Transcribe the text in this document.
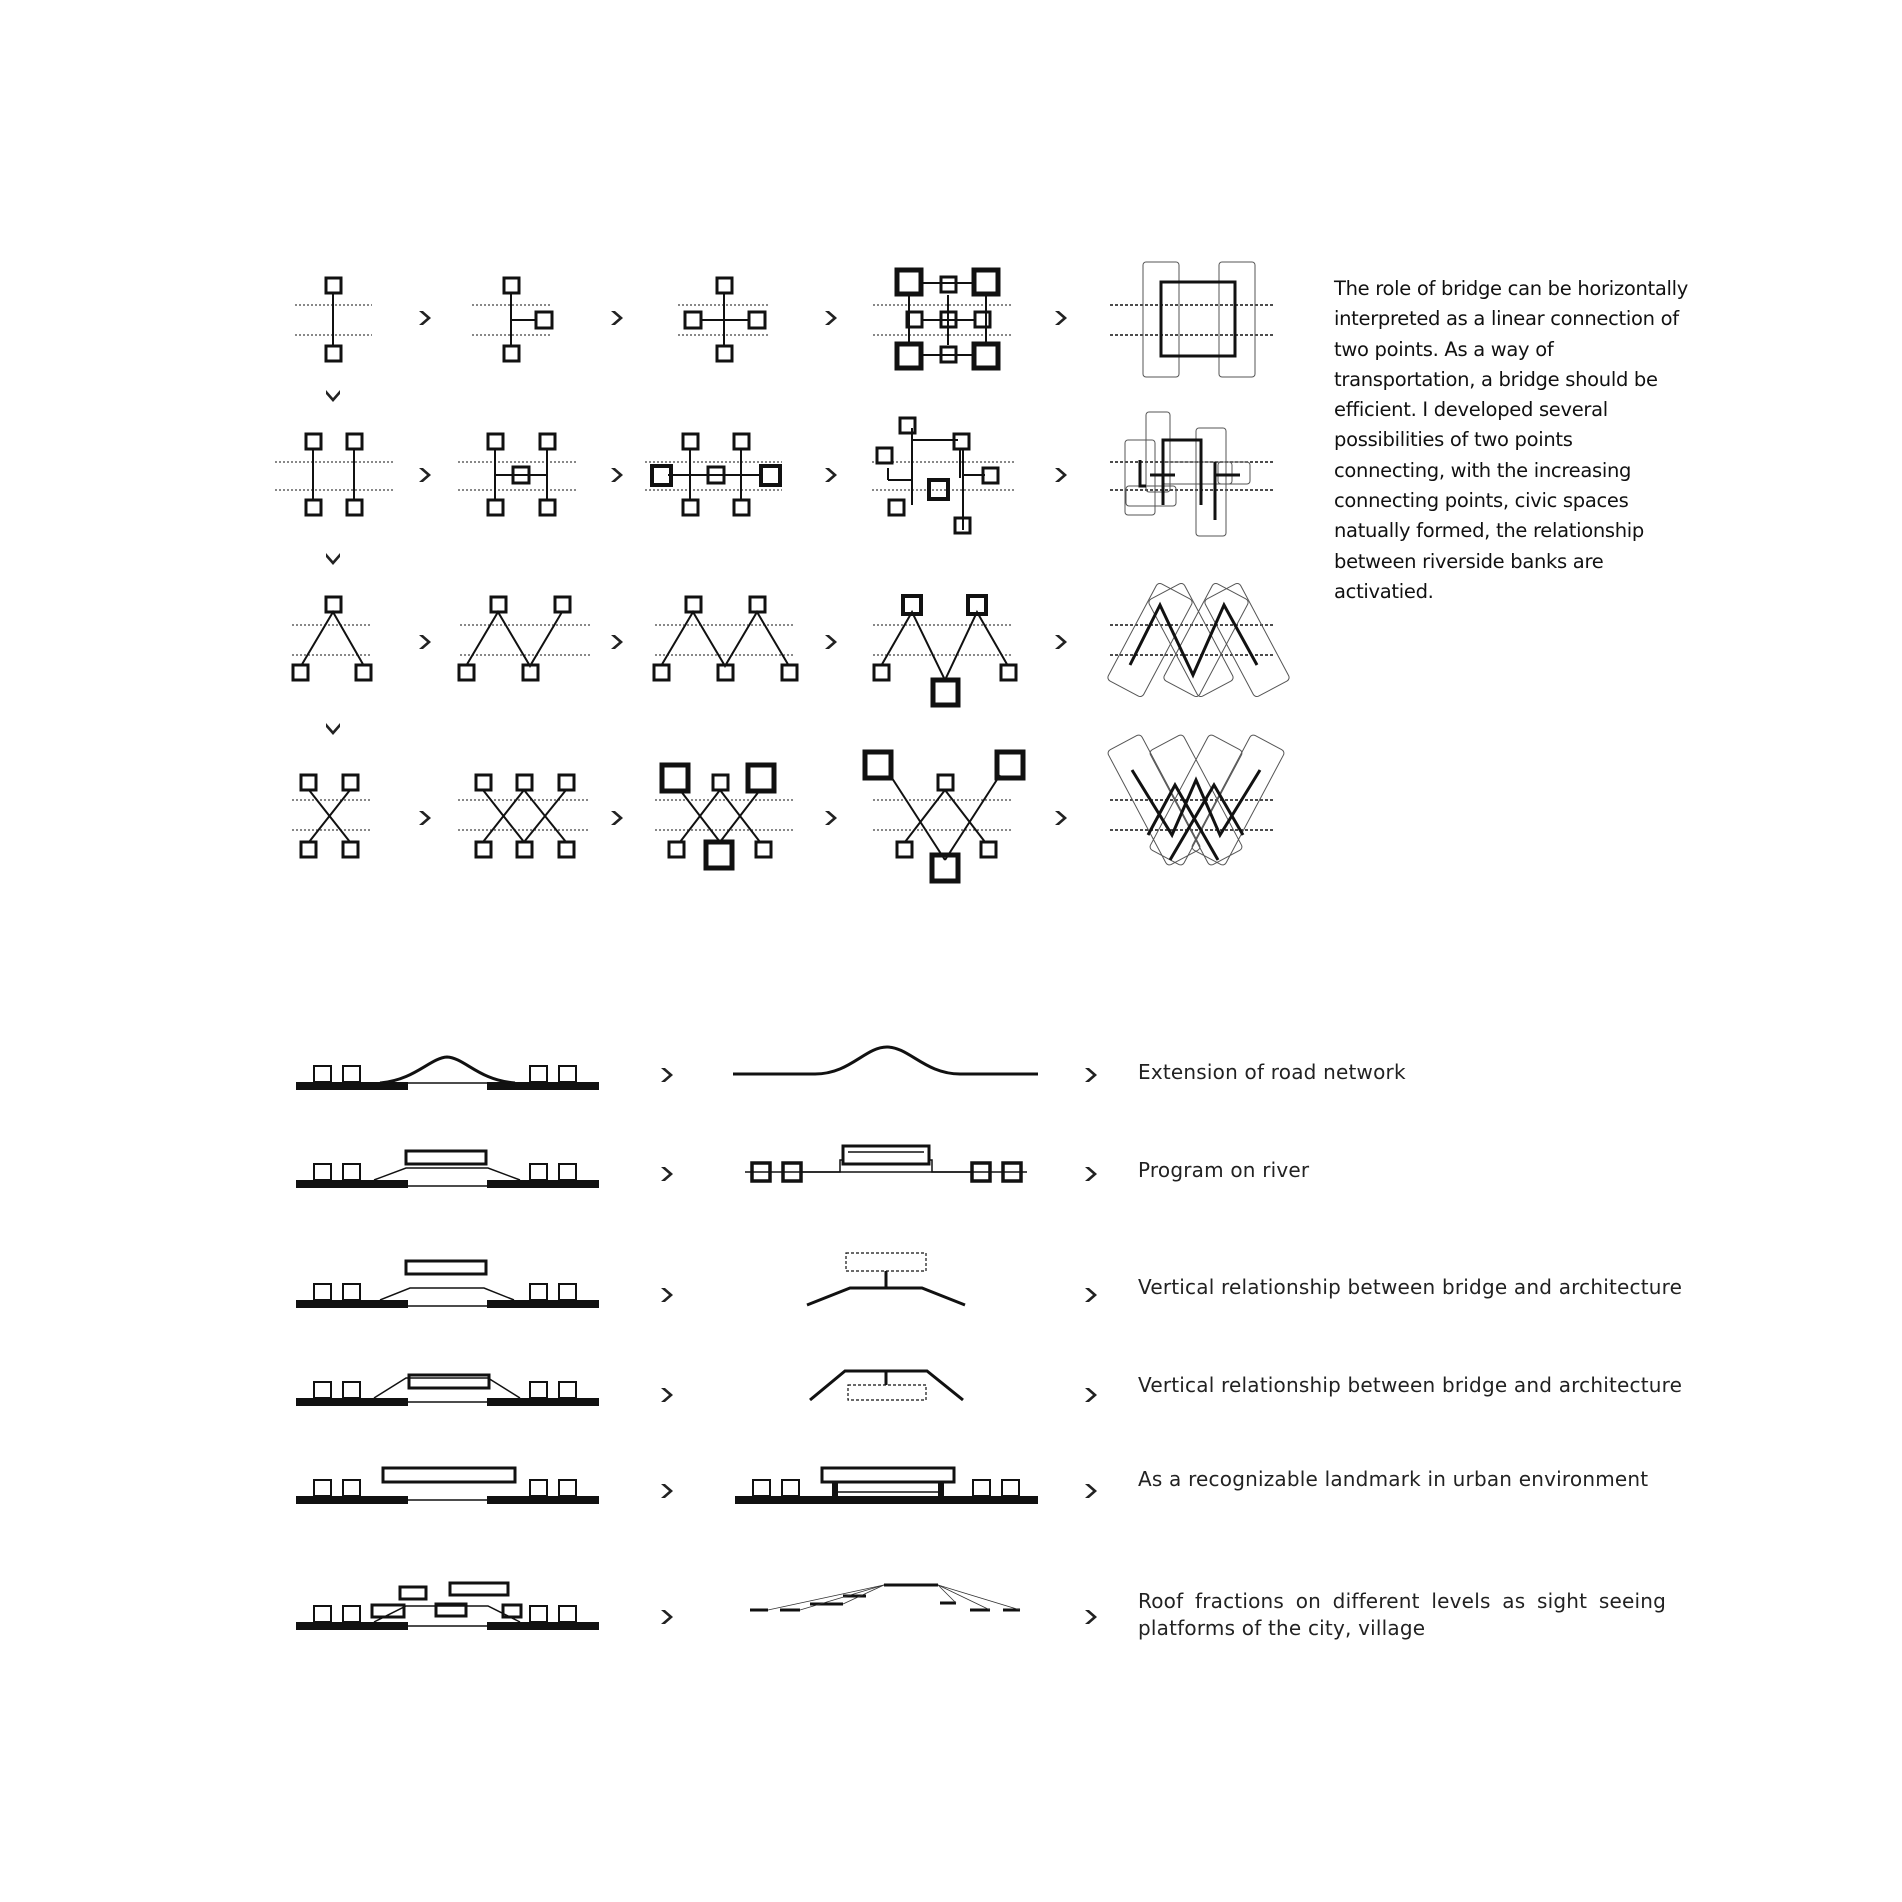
The role of bridge can be horizontally
interpreted as a linear connection of
two points. As a way of
transportation, a bridge should be
efficient. I developed several
possibilities of two points
connecting, with the increasing
connecting points, civic spaces
natually formed, the relationship
between riverside banks are
activatied.
Extension of road network
Program on river
Vertical relationship between bridge and architecture
Vertical relationship between bridge and architecture
As a recognizable landmark in urban environment
Roof fractions on different levels as sight seeing
platforms of the city, village
